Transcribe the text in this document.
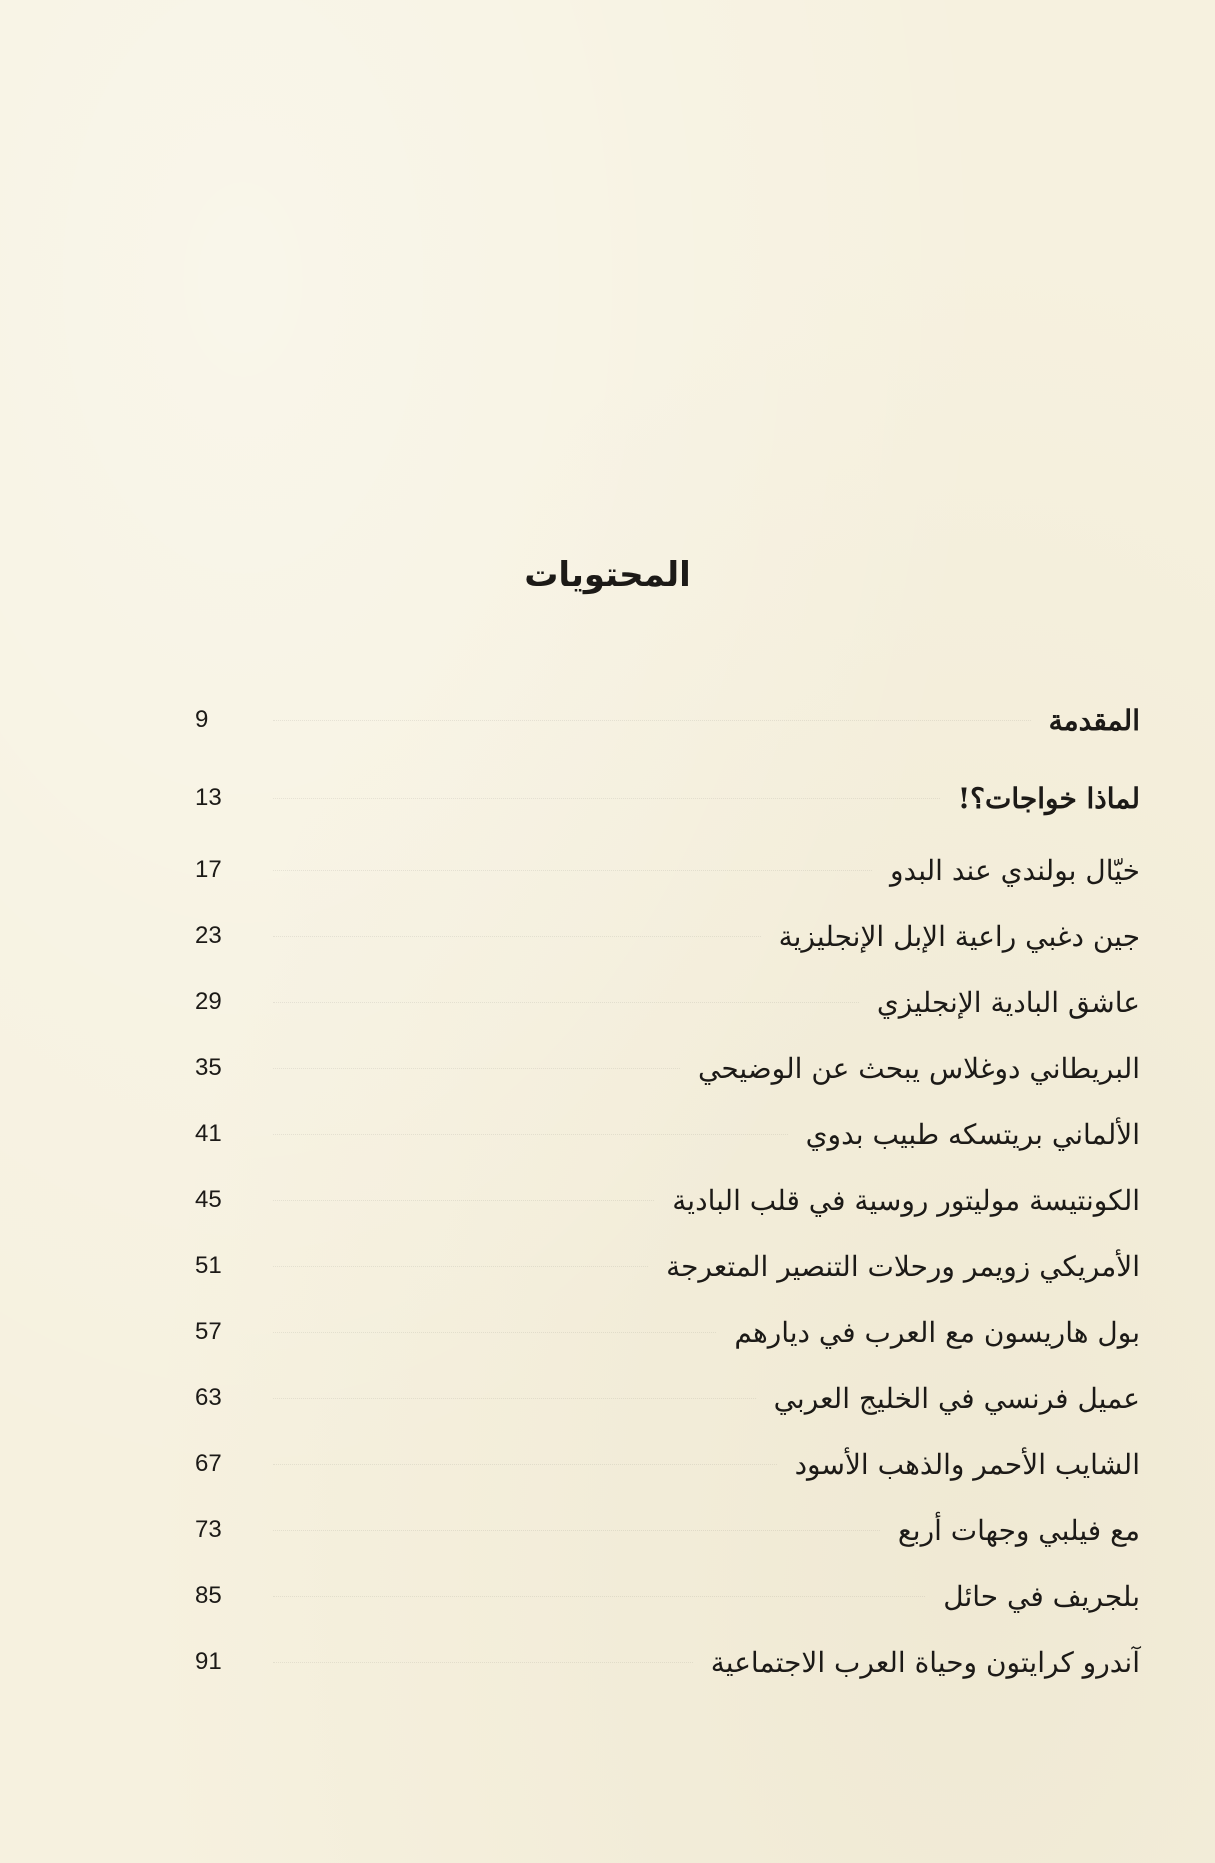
المحتويات
9	المقدمة
13	لماذا خواجات؟!
17	خيّال بولندي عند البدو
23	جين دغبي راعية الإبل الإنجليزية
29	عاشق البادية الإنجليزي
35	البريطاني دوغلاس يبحث عن الوضيحي
41	الألماني بريتسكه طبيب بدوي
45	الكونتيسة موليتور روسية في قلب البادية
51	الأمريكي زويمر ورحلات التنصير المتعرجة
57	بول هاريسون مع العرب في ديارهم
63	عميل فرنسي في الخليج العربي
67	الشايب الأحمر والذهب الأسود
73	مع فيلبي وجهات أربع
85	بلجريف في حائل
91	آندرو كرايتون وحياة العرب الاجتماعية
